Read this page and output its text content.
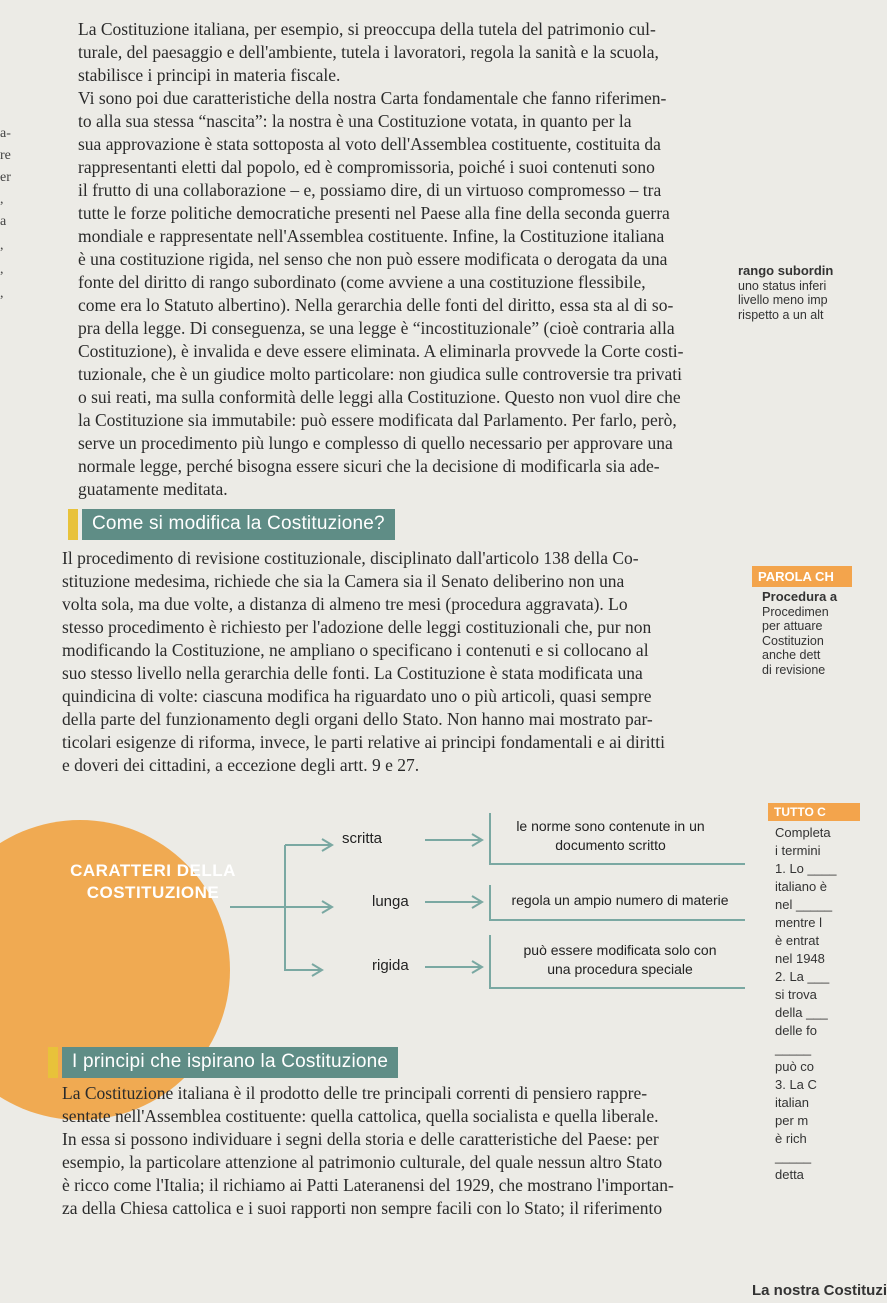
a-
re
er
,
a
,
,
,
La Costituzione italiana, per esempio, si preoccupa della tutela del patrimonio cul-
turale, del paesaggio e dell'ambiente, tutela i lavoratori, regola la sanità e la scuola,
stabilisce i principi in materia fiscale.
Vi sono poi due caratteristiche della nostra Carta fondamentale che fanno riferimen-
to alla sua stessa “nascita”: la nostra è una Costituzione votata, in quanto per la
sua approvazione è stata sottoposta al voto dell'Assemblea costituente, costituita da
rappresentanti eletti dal popolo, ed è compromissoria, poiché i suoi contenuti sono
il frutto di una collaborazione – e, possiamo dire, di un virtuoso compromesso – tra
tutte le forze politiche democratiche presenti nel Paese alla fine della seconda guerra
mondiale e rappresentate nell'Assemblea costituente. Infine, la Costituzione italiana
è una costituzione rigida, nel senso che non può essere modificata o derogata da una
fonte del diritto di rango subordinato (come avviene a una costituzione flessibile,
come era lo Statuto albertino). Nella gerarchia delle fonti del diritto, essa sta al di so-
pra della legge. Di conseguenza, se una legge è “incostituzionale” (cioè contraria alla
Costituzione), è invalida e deve essere eliminata. A eliminarla provvede la Corte costi-
tuzionale, che è un giudice molto particolare: non giudica sulle controversie tra privati
o sui reati, ma sulla conformità delle leggi alla Costituzione. Questo non vuol dire che
la Costituzione sia immutabile: può essere modificata dal Parlamento. Per farlo, però,
serve un procedimento più lungo e complesso di quello necessario per approvare una
normale legge, perché bisogna essere sicuri che la decisione di modificarla sia ade-
guatamente meditata.
rango subordin
uno status inferi
livello meno imp
rispetto a un alt
Come si modifica la Costituzione?
Il procedimento di revisione costituzionale, disciplinato dall'articolo 138 della Co-
stituzione medesima, richiede che sia la Camera sia il Senato deliberino non una
volta sola, ma due volte, a distanza di almeno tre mesi (procedura aggravata). Lo
stesso procedimento è richiesto per l'adozione delle leggi costituzionali che, pur non
modificando la Costituzione, ne ampliano o specificano i contenuti e si collocano al
suo stesso livello nella gerarchia delle fonti. La Costituzione è stata modificata una
quindicina di volte: ciascuna modifica ha riguardato uno o più articoli, quasi sempre
della parte del funzionamento degli organi dello Stato. Non hanno mai mostrato par-
ticolari esigenze di riforma, invece, le parti relative ai principi fondamentali e ai diritti
e doveri dei cittadini, a eccezione degli artt. 9 e 27.
PAROLA CH
Procedura a
Procedimen
per attuare
Costituzion
anche dett
di revisione
CARATTERI DELLA COSTITUZIONE
scritta
lunga
rigida
le norme sono contenute in un documento scritto
regola un ampio numero di materie
può essere modificata solo con una procedura speciale
TUTTO C
Completa
i termini
1. Lo ____
italiano è
nel _____
mentre l
è entrat
nel 1948
2. La ___
si trova
della ___
delle fo
_____
può co
3. La C
italian
per m
è rich
_____
detta
I principi che ispirano la Costituzione
La Costituzione italiana è il prodotto delle tre principali correnti di pensiero rappre-
sentate nell'Assemblea costituente: quella cattolica, quella socialista e quella liberale.
In essa si possono individuare i segni della storia e delle caratteristiche del Paese: per
esempio, la particolare attenzione al patrimonio culturale, del quale nessun altro Stato
è ricco come l'Italia; il richiamo ai Patti Lateranensi del 1929, che mostrano l'importan-
za della Chiesa cattolica e i suoi rapporti non sempre facili con lo Stato; il riferimento
La nostra Costituzi
